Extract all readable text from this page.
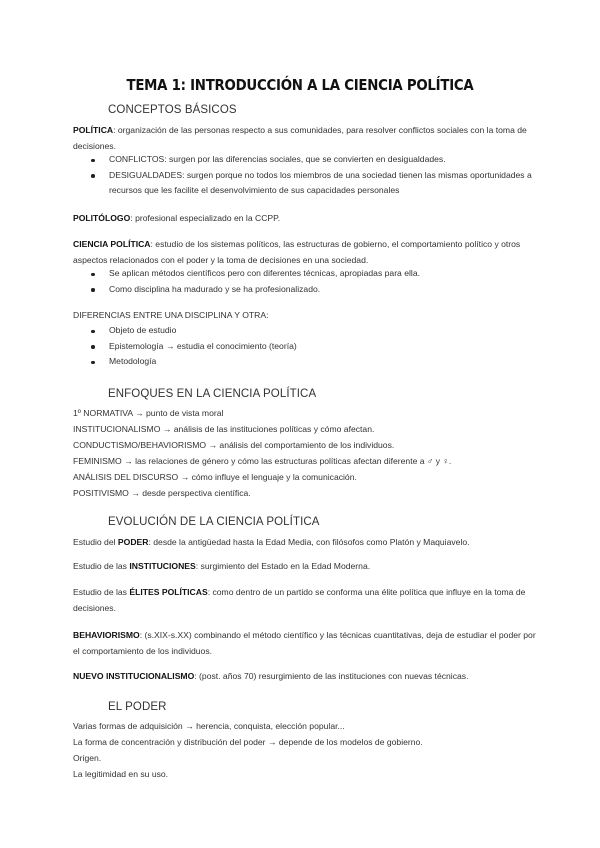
TEMA 1: INTRODUCCIÓN A LA CIENCIA POLÍTICA
CONCEPTOS BÁSICOS
POLÍTICA: organización de las personas respecto a sus comunidades, para resolver conflictos sociales con la toma de decisiones.
CONFLICTOS: surgen por las diferencias sociales, que se convierten en desigualdades.
DESIGUALDADES: surgen porque no todos los miembros de una sociedad tienen las mismas oportunidades a recursos que les facilite el desenvolvimiento de sus capacidades personales
POLITÓLOGO: profesional especializado en la CCPP.
CIENCIA POLÍTICA: estudio de los sistemas políticos, las estructuras de gobierno, el comportamiento político y otros aspectos relacionados con el poder y la toma de decisiones en una sociedad.
Se aplican métodos científicos pero con diferentes técnicas, apropiadas para ella.
Como disciplina ha madurado y se ha profesionalizado.
DIFERENCIAS ENTRE UNA DISCIPLINA Y OTRA:
Objeto de estudio
Epistemología → estudia el conocimiento (teoría)
Metodología
ENFOQUES EN LA CIENCIA POLÍTICA
1º NORMATIVA → punto de vista moral
INSTITUCIONALISMO → análisis de las instituciones políticas y cómo afectan.
CONDUCTISMO/BEHAVIORISMO → análisis del comportamiento de los individuos.
FEMINISMO → las relaciones de género y cómo las estructuras políticas afectan diferente a ♂ y ♀.
ANÁLISIS DEL DISCURSO → cómo influye el lenguaje y la comunicación.
POSITIVISMO → desde perspectiva científica.
EVOLUCIÓN DE LA CIENCIA POLÍTICA
Estudio del PODER: desde la antigüedad hasta la Edad Media, con filósofos como Platón y Maquiavelo.
Estudio de las INSTITUCIONES: surgimiento del Estado en la Edad Moderna.
Estudio de las ÉLITES POLÍTICAS: como dentro de un partido se conforma una élite política que influye en la toma de decisiones.
BEHAVIORISMO: (s.XIX-s.XX) combinando el método científico y las técnicas cuantitativas, deja de estudiar el poder por el comportamiento de los individuos.
NUEVO INSTITUCIONALISMO: (post. años 70) resurgimiento de las instituciones con nuevas técnicas.
EL PODER
Varias formas de adquisición → herencia, conquista, elección popular...
La forma de concentración y distribución del poder → depende de los modelos de gobierno.
Origen.
La legitimidad en su uso.
